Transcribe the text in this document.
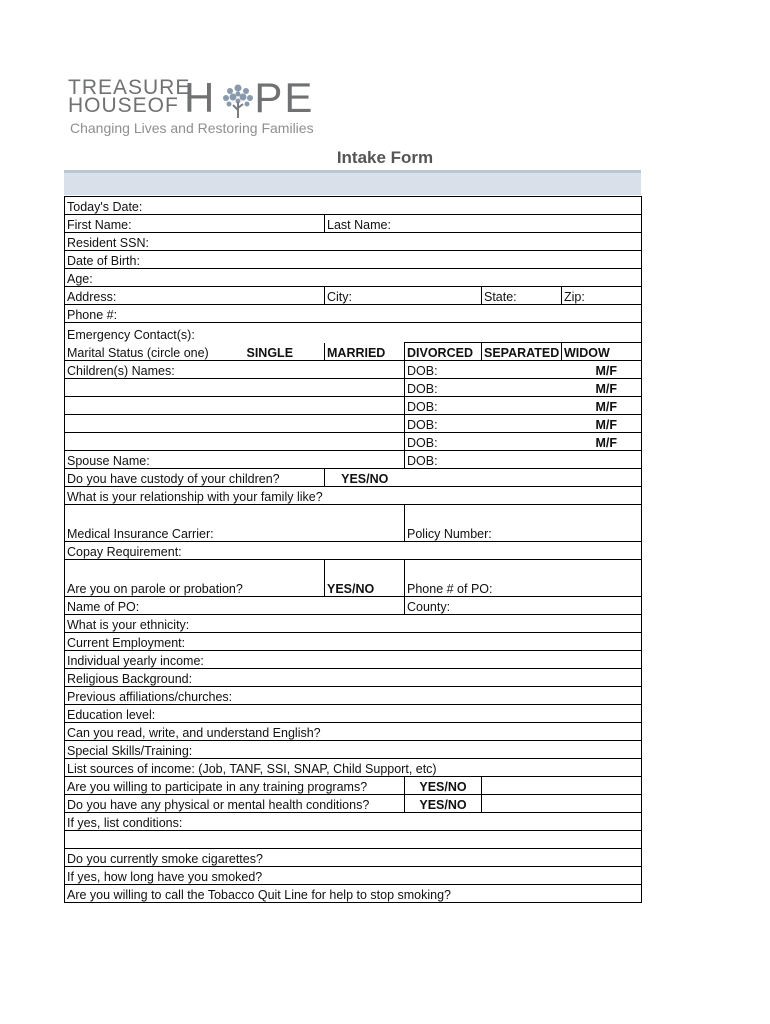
TREASURE
HOUSEOF H PE
Changing Lives and Restoring Families
Intake Form
Today's Date:					
First Name:		Last Name:			
Resident SSN:					
Date of Birth:					
Age:					
Address:		City:		State:	Zip:
Phone #:					
Emergency Contact(s):					
Marital Status (circle one)	SINGLE	MARRIED	DIVORCED	SEPARATED	WIDOW
Children(s) Names:			DOB:		M/F
			DOB:		M/F
			DOB:		M/F
			DOB:		M/F
			DOB:		M/F
Spouse Name:			DOB:		
Do you have custody of your children?		YES/NO			
What is your relationship with your family like?					
Medical Insurance Carrier:			Policy Number:		
Copay Requirement:					
Are you on parole or probation?		YES/NO	Phone # of PO:		
Name of PO:			County:		
What is your ethnicity:					
Current Employment:					
Individual yearly income:					
Religious Background:					
Previous affiliations/churches:					
Education level:					
Can you read, write, and understand English?					
Special Skills/Training:					
List sources of income: (Job, TANF, SSI, SNAP, Child Support, etc)					
Are you willing to participate in any training programs?			YES/NO		
Do you have any physical or mental health conditions?			YES/NO		
If yes, list conditions:					

Do you currently smoke cigarettes?					
If yes, how long have you smoked?					
Are you willing to call the Tobacco Quit Line for help to stop smoking?					
